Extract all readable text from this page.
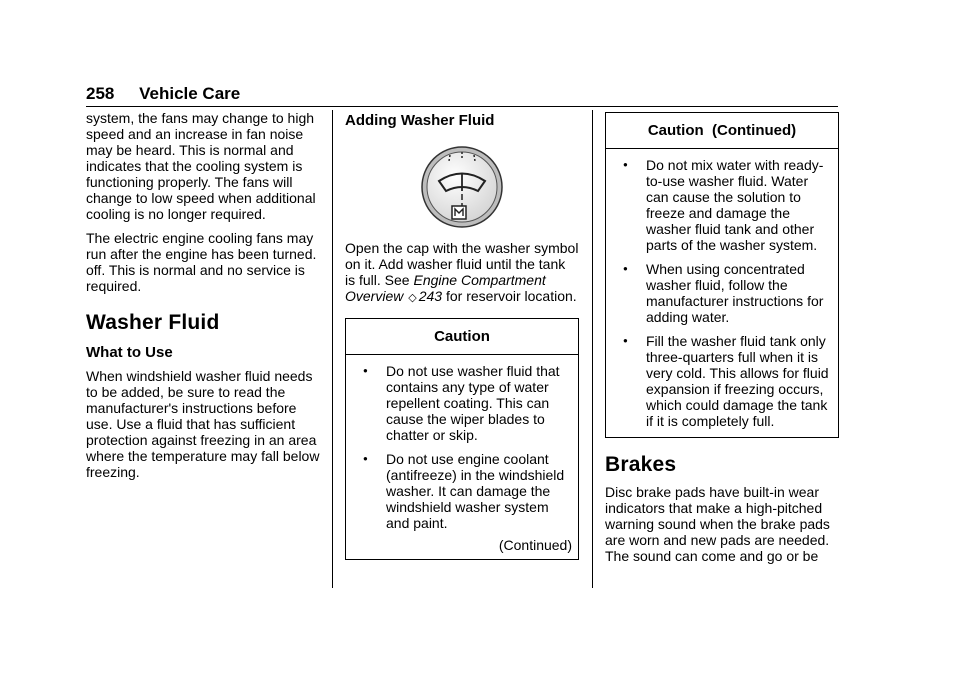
258 Vehicle Care

system, the fans may change to high speed and an increase in fan noise may be heard. This is normal and indicates that the cooling system is functioning properly. The fans will change to low speed when additional cooling is no longer required.

The electric engine cooling fans may run after the engine has been turned. off. This is normal and no service is required.

Washer Fluid
What to Use

When windshield washer fluid needs to be added, be sure to read the manufacturer's instructions before use. Use a fluid that has sufficient protection against freezing in an area where the temperature may fall below freezing.

Adding Washer Fluid

Open the cap with the washer symbol on it. Add washer fluid until the tank is full. See Engine Compartment Overview ◇ 243 for reservoir location.

Caution
● Do not use washer fluid that contains any type of water repellent coating. This can cause the wiper blades to chatter or skip.
● Do not use engine coolant (antifreeze) in the windshield washer. It can damage the windshield washer system and paint.
(Continued)
Caution  (Continued)
● Do not mix water with ready-to-use washer fluid. Water can cause the solution to freeze and damage the washer fluid tank and other parts of the washer system.
● When using concentrated washer fluid, follow the manufacturer instructions for adding water.
● Fill the washer fluid tank only three-quarters full when it is very cold. This allows for fluid expansion if freezing occurs, which could damage the tank if it is completely full.
Brakes

Disc brake pads have built-in wear indicators that make a high-pitched warning sound when the brake pads are worn and new pads are needed. The sound can come and go or be
